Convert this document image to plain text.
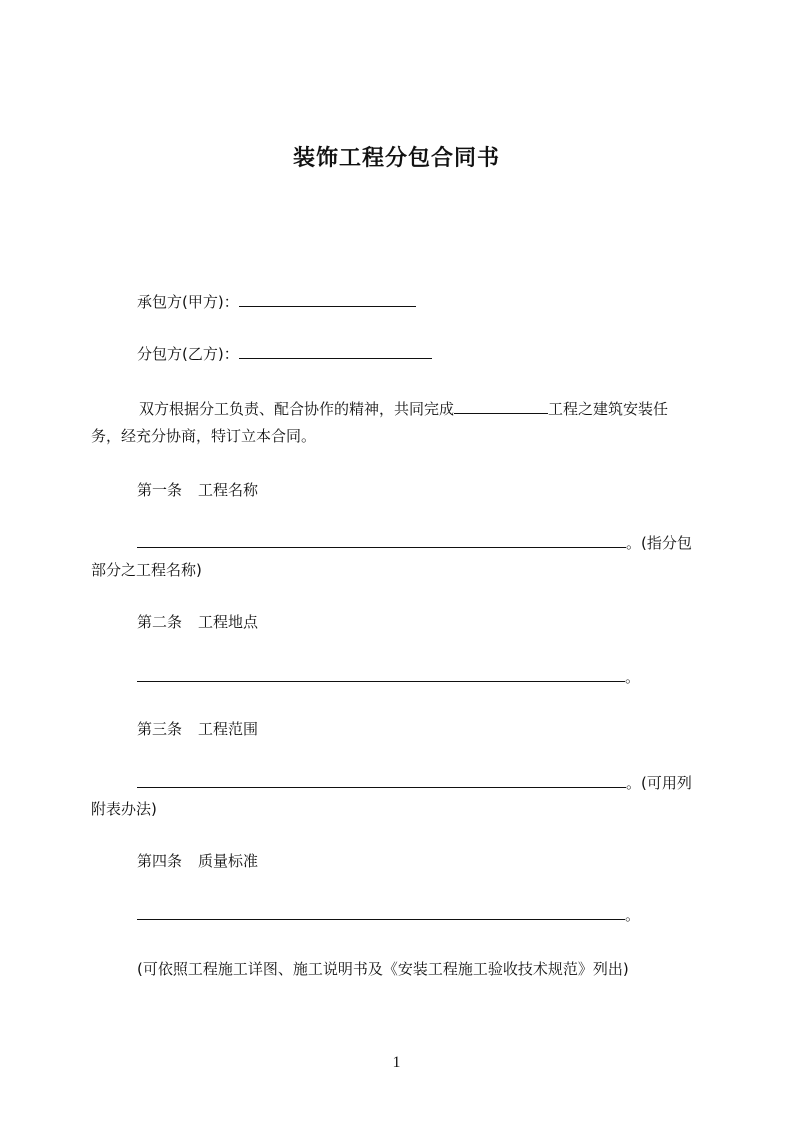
装饰工程分包合同书
承包方(甲方)：
分包方(乙方)：
双方根据分工负责、配合协作的精神，共同完成	工程之建筑安装任
务，经充分协商，特订立本合同。
第一条 工程名称
。(指分包
部分之工程名称)
第二条 工程地点
。
第三条 工程范围
。(可用列
附表办法)
第四条 质量标准
。
(可依照工程施工详图、施工说明书及《安装工程施工验收技术规范》列出)
1
